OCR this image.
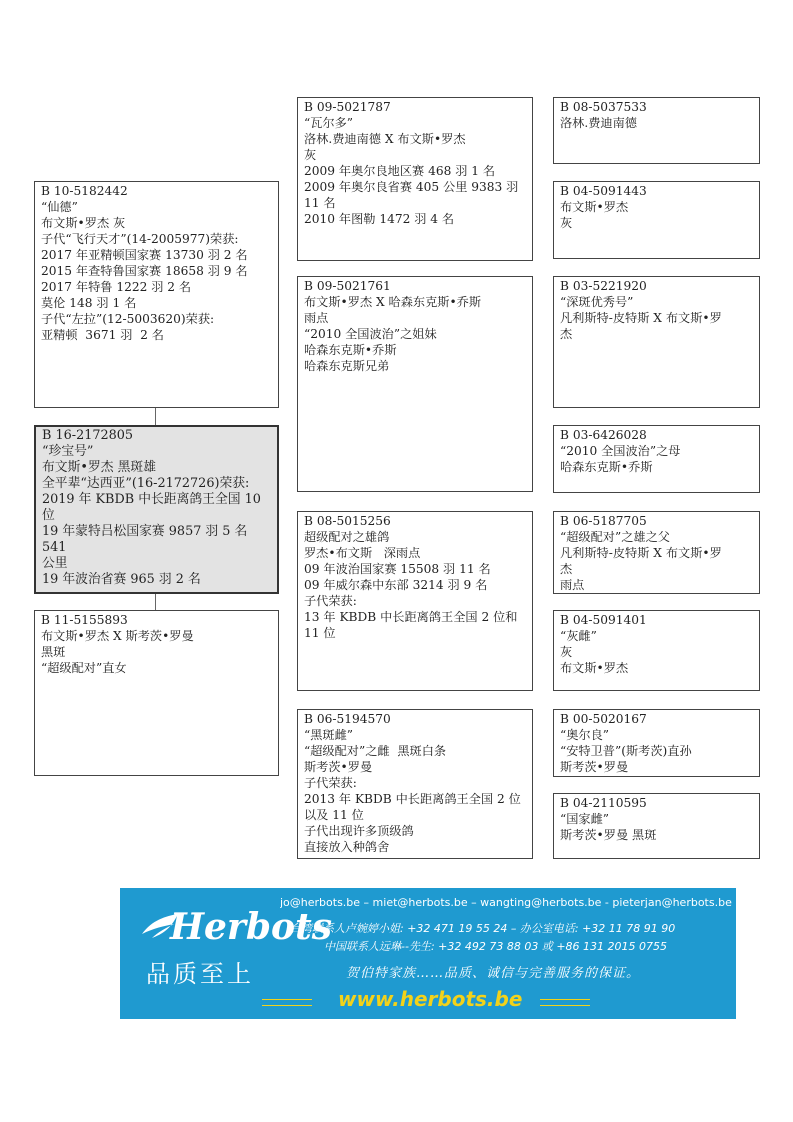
B 09-5021787
“瓦尔多”
洛林.费迪南德 X 布文斯•罗杰
灰
2009 年奥尔良地区赛 468 羽 1 名
2009 年奥尔良省赛 405 公里 9383 羽
11 名
2010 年图勒 1472 羽 4 名
B 08-5037533
洛林.费迪南德
B 04-5091443
布文斯•罗杰
灰
B 10-5182442
“仙德”
布文斯•罗杰 灰
子代“飞行天才”(14-2005977)荣获:
2017 年亚精顿国家赛 13730 羽 2 名
2015 年查特鲁国家赛 18658 羽 9 名
2017 年特鲁 1222 羽 2 名
莫伦 148 羽 1 名
子代“左拉”(12-5003620)荣获:
亚精顿  3671 羽  2 名
B 09-5021761
布文斯•罗杰 X 哈森东克斯•乔斯
雨点
“2010 全国波治”之姐妹
哈森东克斯•乔斯
哈森东克斯兄弟
B 03-5221920
“深斑优秀号”
凡利斯特-皮特斯 X 布文斯•罗
杰
B 03-6426028
“2010 全国波治”之母
哈森东克斯•乔斯
B 16-2172805
“珍宝号”
布文斯•罗杰 黑斑雄
全平辈“达西亚”(16-2172726)荣获:
2019 年 KBDB 中长距离鸽王全国 10 位
19 年蒙特吕松国家赛 9857 羽 5 名 541
公里
19 年波治省赛 965 羽 2 名
B 08-5015256
超级配对之雄鸽
罗杰•布文斯   深雨点
09 年波治国家赛 15508 羽 11 名
09 年威尔森中东部 3214 羽 9 名
子代荣获:
13 年 KBDB 中长距离鸽王全国 2 位和
11 位
B 06-5187705
“超级配对”之雄之父
凡利斯特-皮特斯 X 布文斯•罗
杰
雨点
B 11-5155893
布文斯•罗杰 X 斯考茨•罗曼
黑斑
“超级配对”直女
B 04-5091401
“灰雌”
灰
布文斯•罗杰
B 06-5194570
“黑斑雌”
“超级配对”之雌  黑斑白条
斯考茨•罗曼
子代荣获:
2013 年 KBDB 中长距离鸽王全国 2 位
以及 11 位
子代出现许多顶级鸽
直接放入种鸽舍
B 00-5020167
“奥尔良”
“安特卫普”(斯考茨)直孙
斯考茨•罗曼
B 04-2110595
“国家雌”
斯考茨•罗曼 黑斑
Herbots
品质至上
jo@herbots.be – miet@herbots.be – wangting@herbots.be - pieterjan@herbots.be
台湾联系人卢婉婷小姐: +32 471 19 55 24 – 办公室电话: +32 11 78 91 90
中国联系人远琳--先生: +32 492 73 88 03 或 +86 131 2015 0755
贺伯特家族……品质、诚信与完善服务的保证。
www.herbots.be
